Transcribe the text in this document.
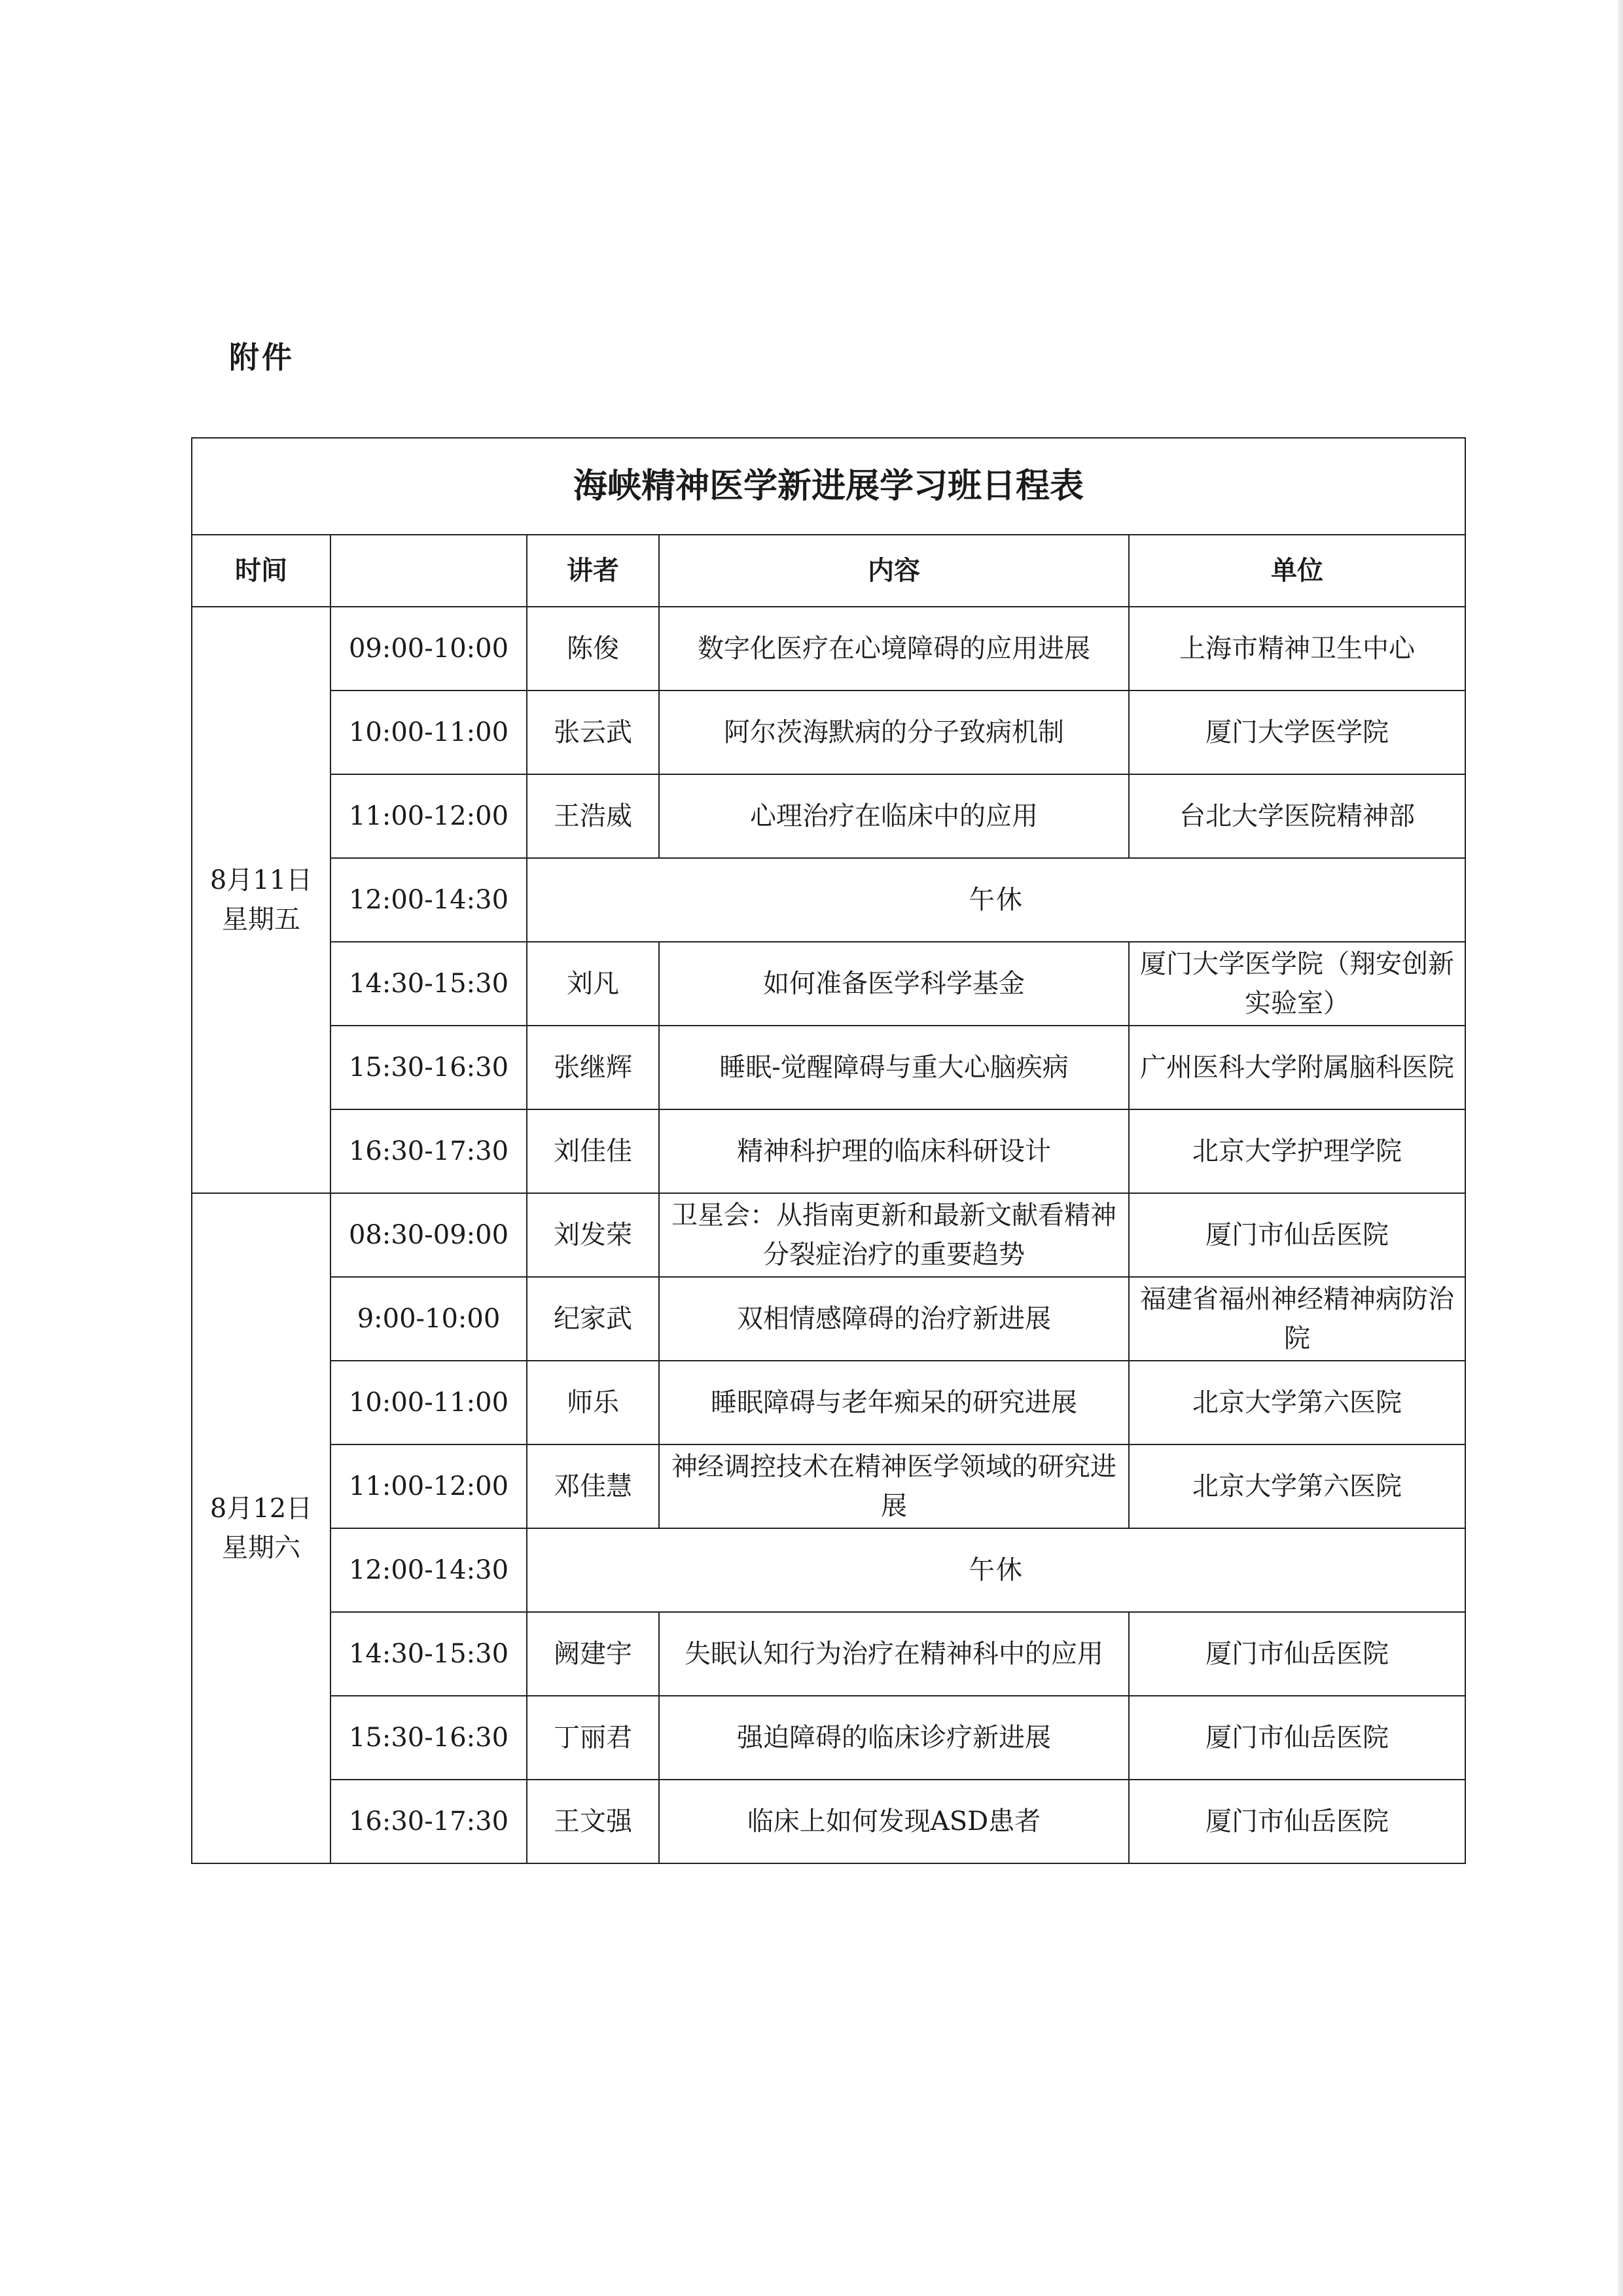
附件
海峡精神医学新进展学习班日程表				
时间		讲者	内容	单位

8月11日
星期五	09:00-10:00	陈俊	数字化医疗在心境障碍的应用进展	上海市精神卫生中心
	10:00-11:00	张云武	阿尔茨海默病的分子致病机制	厦门大学医学院
	11:00-12:00	王浩威	心理治疗在临床中的应用	台北大学医院精神部
	12:00-14:30	午休		
	14:30-15:30	刘凡	如何准备医学科学基金	厦门大学医学院（翔安创新实验室）
	15:30-16:30	张继辉	睡眠-觉醒障碍与重大心脑疾病	广州医科大学附属脑科医院
	16:30-17:30	刘佳佳	精神科护理的临床科研设计	北京大学护理学院

8月12日
星期六	08:30-09:00	刘发荣	卫星会：从指南更新和最新文献看精神分裂症治疗的重要趋势	厦门市仙岳医院
	9:00-10:00	纪家武	双相情感障碍的治疗新进展	福建省福州神经精神病防治院
	10:00-11:00	师乐	睡眠障碍与老年痴呆的研究进展	北京大学第六医院
	11:00-12:00	邓佳慧	神经调控技术在精神医学领域的研究进展	北京大学第六医院
	12:00-14:30	午休		
	14:30-15:30	阙建宇	失眠认知行为治疗在精神科中的应用	厦门市仙岳医院
	15:30-16:30	丁丽君	强迫障碍的临床诊疗新进展	厦门市仙岳医院
	16:30-17:30	王文强	临床上如何发现ASD患者	厦门市仙岳医院
